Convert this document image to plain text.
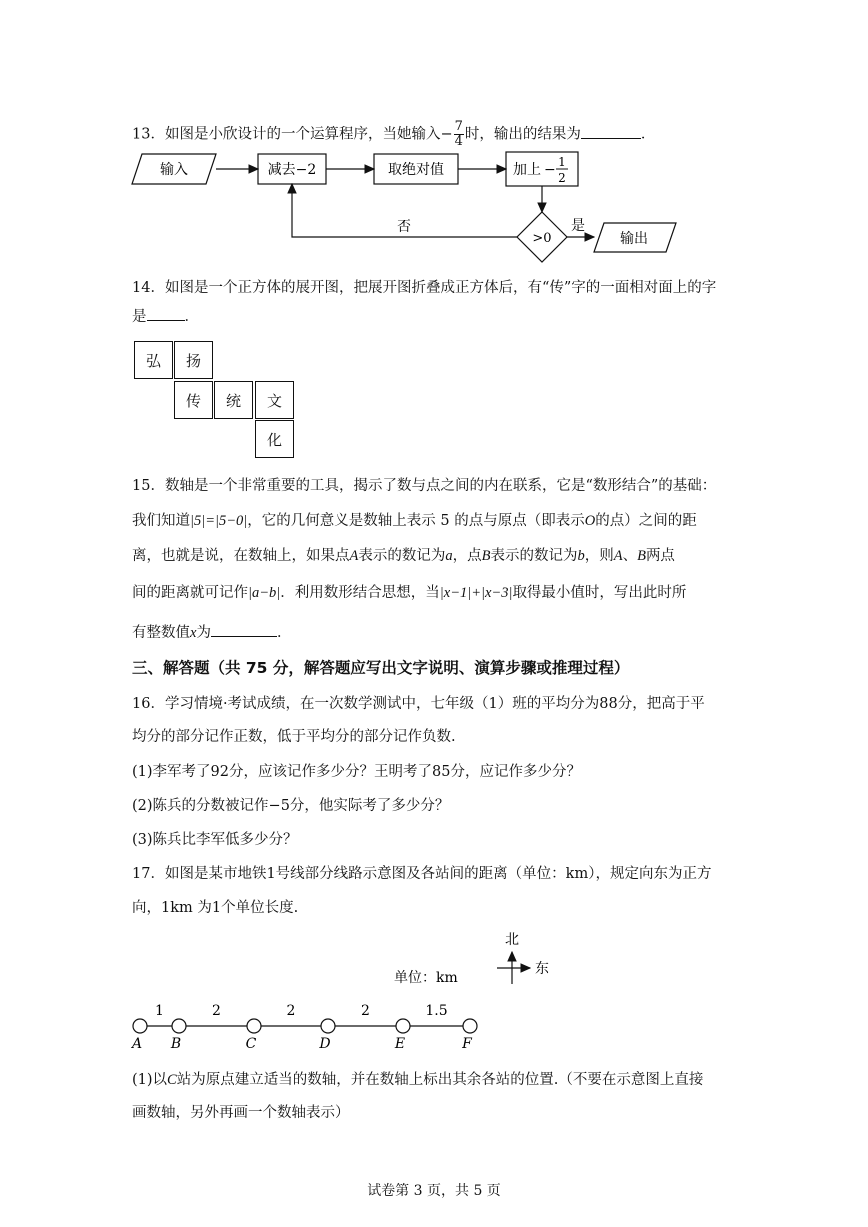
13．如图是小欣设计的一个运算程序，当她输入− $\frac{7}{4}$ 时，输出的结果为	．
输入	减去−2	取绝对值	加上 − 1
2
>0
是
输出
否
14．如图是一个正方体的展开图，把展开图折叠成正方体后，有“传”字的一面相对面上的字
是	．
弘	扬
传	统	文
化
15．数轴是一个非常重要的工具，揭示了数与点之间的内在联系，它是“数形结合”的基础：
我们知道|5|=|5−0|，它的几何意义是数轴上表示 5 的点与原点（即表示O的点）之间的距
离，也就是说，在数轴上，如果点A表示的数记为a，点B表示的数记为b，则A、B两点
间的距离就可记作|a−b|．利用数形结合思想，当|x−1|+|x−3|取得最小值时，写出此时所
有整数值x为	．
三、解答题（共 75 分，解答题应写出文字说明、演算步骤或推理过程）
16．学习情境·考试成绩，在一次数学测试中，七年级（1）班的平均分为88分，把高于平
均分的部分记作正数，低于平均分的部分记作负数.
(1)李军考了92分，应该记作多少分？王明考了85分，应记作多少分？
(2)陈兵的分数被记作−5分，他实际考了多少分？
(3)陈兵比李军低多少分？
17．如图是某市地铁1号线部分线路示意图及各站间的距离（单位：km），规定向东为正方
向，1km 为1个单位长度.
北
东
单位：km
A B	C	D	E	F
1	2	2	2	1.5
(1)以C站为原点建立适当的数轴，并在数轴上标出其余各站的位置.（不要在示意图上直接
画数轴，另外再画一个数轴表示）
试卷第 3 页，共 5 页
